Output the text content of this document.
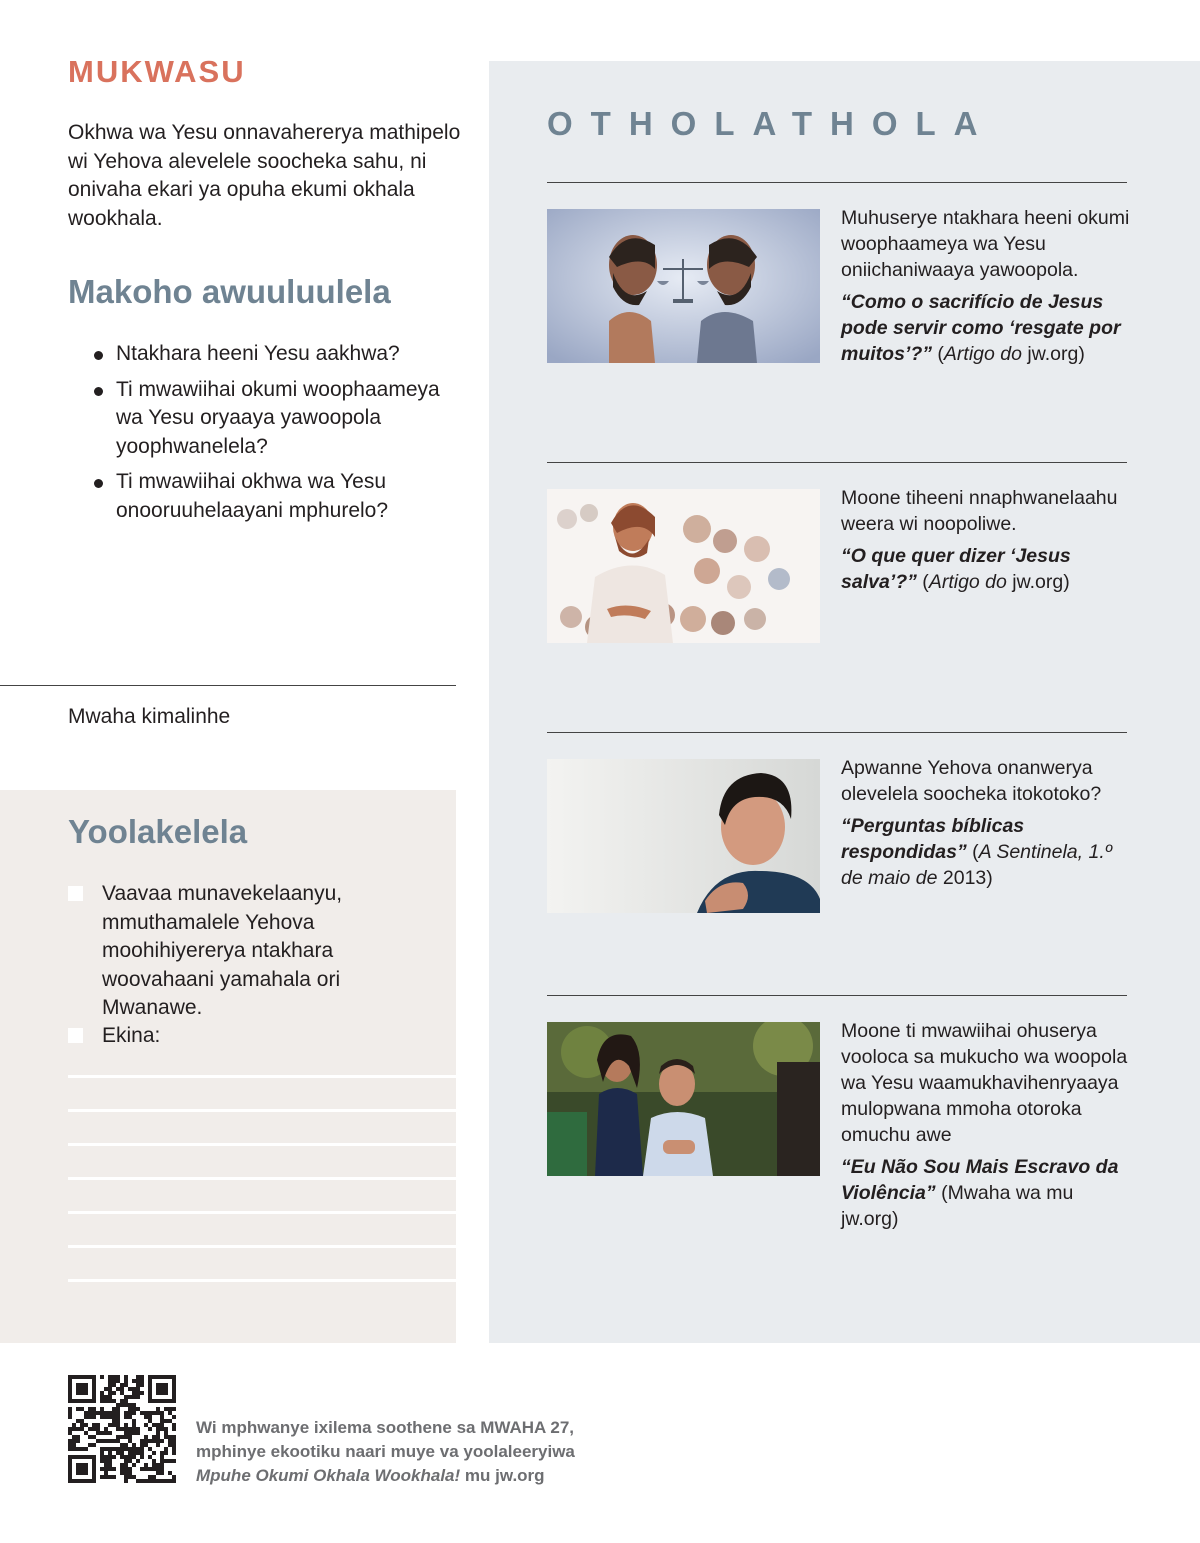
MUKWASU

Okhwa wa Yesu onnavahererya mathipelo wi Yehova alevelele soocheka sahu, ni onivaha ekari ya opuha ekumi okhala wookhala.

Makoho awuuluulela
Ntakhara heeni Yesu aakhwa?
Ti mwawiihai okumi woophaameya wa Yesu oryaaya yawoopola yoophwanelela?
Ti mwawiihai okhwa wa Yesu onooruuhelaayani mphurelo?
Mwaha kimalinhe
Yoolakelela
Vaavaa munavekelaanyu, mmuthamalele Yehova moohihiyererya ntakhara woovahaani yamahala ori Mwanawe.
Ekina:
OTHOLATHOLA
Muhuserye ntakhara heeni okumi woophaameya wa Yesu oniichaniwaaya yawoopola.
“Como o sacrifício de Jesus pode servir como ‘resgate por muitos’?” (Artigo do jw.org)
Moone tiheeni nnaphwanelaahu weera wi noopoliwe.
“O que quer dizer ‘Jesus salva’?” (Artigo do jw.org)
Apwanne Yehova onanwerya olevelela soocheka itokotoko?
“Perguntas bíblicas respondidas” (A Sentinela, 1.º de maio de 2013)
Moone ti mwawiihai ohuserya vooloca sa mukucho wa woopola wa Yesu waamukhavihenryaaya mulopwana mmoha otoroka omuchu awe
“Eu Não Sou Mais Escravo da Violência” (Mwaha wa mu jw.org)
Wi mphwanye ixilema soothene sa MWAHA 27,
mphinye ekootiku naari muye va yoolaleeryiwa
Mpuhe Okumi Okhala Wookhala! mu jw.org
